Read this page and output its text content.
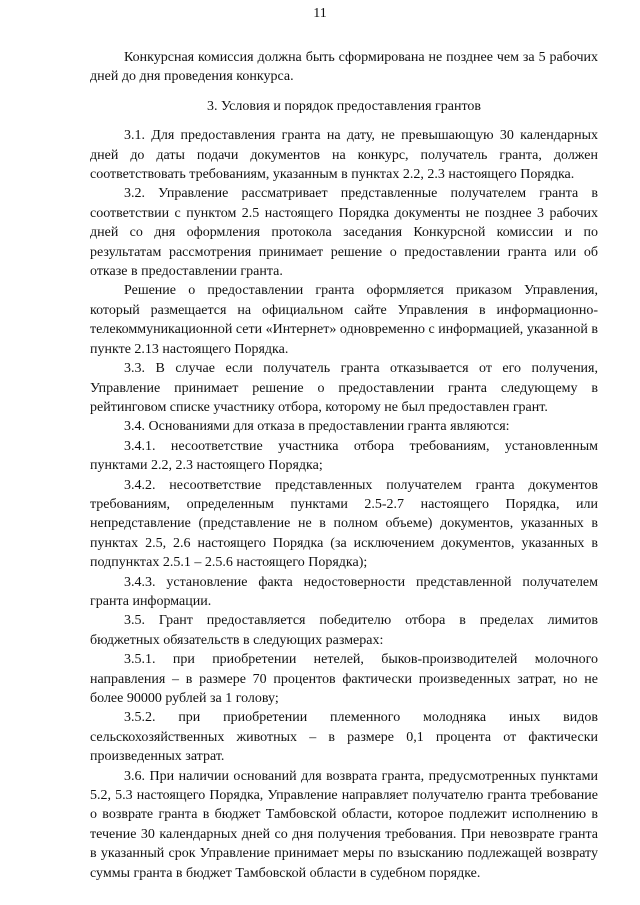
11

Конкурсная комиссия должна быть сформирована не позднее чем за 5 рабочих дней до дня проведения конкурса.

3. Условия и порядок предоставления грантов

3.1. Для предоставления гранта на дату, не превышающую 30 календарных дней до даты подачи документов на конкурс, получатель гранта, должен соответствовать требованиям, указанным в пунктах 2.2, 2.3 настоящего Порядка.

3.2. Управление рассматривает представленные получателем гранта в соответствии с пунктом 2.5 настоящего Порядка документы не позднее 3 рабочих дней со дня оформления протокола заседания Конкурсной комиссии и по результатам рассмотрения принимает решение о предоставлении гранта или об отказе в предоставлении гранта.

Решение о предоставлении гранта оформляется приказом Управления, который размещается на официальном сайте Управления в информационно-телекоммуникационной сети «Интернет» одновременно с информацией, указанной в пункте 2.13 настоящего Порядка.

3.3. В случае если получатель гранта отказывается от его получения, Управление принимает решение о предоставлении гранта следующему в рейтинговом списке участнику отбора, которому не был предоставлен грант.

3.4. Основаниями для отказа в предоставлении гранта являются:

3.4.1. несоответствие участника отбора требованиям, установленным пунктами 2.2, 2.3 настоящего Порядка;

3.4.2. несоответствие представленных получателем гранта документов требованиям, определенным пунктами 2.5-2.7 настоящего Порядка, или непредставление (представление не в полном объеме) документов, указанных в пунктах 2.5, 2.6 настоящего Порядка (за исключением документов, указанных в подпунктах 2.5.1 – 2.5.6 настоящего Порядка);

3.4.3. установление факта недостоверности представленной получателем гранта информации.

3.5. Грант предоставляется победителю отбора в пределах лимитов бюджетных обязательств в следующих размерах:

3.5.1. при приобретении нетелей, быков-производителей молочного направления – в размере 70 процентов фактически произведенных затрат, но не более 90000 рублей за 1 голову;

3.5.2. при приобретении племенного молодняка иных видов сельскохозяйственных животных – в размере 0,1 процента от фактически произведенных затрат.

3.6. При наличии оснований для возврата гранта, предусмотренных пунктами 5.2, 5.3 настоящего Порядка, Управление направляет получателю гранта требование о возврате гранта в бюджет Тамбовской области, которое подлежит исполнению в течение 30 календарных дней со дня получения требования. При невозврате гранта в указанный срок Управление принимает меры по взысканию подлежащей возврату суммы гранта в бюджет Тамбовской области в судебном порядке.
